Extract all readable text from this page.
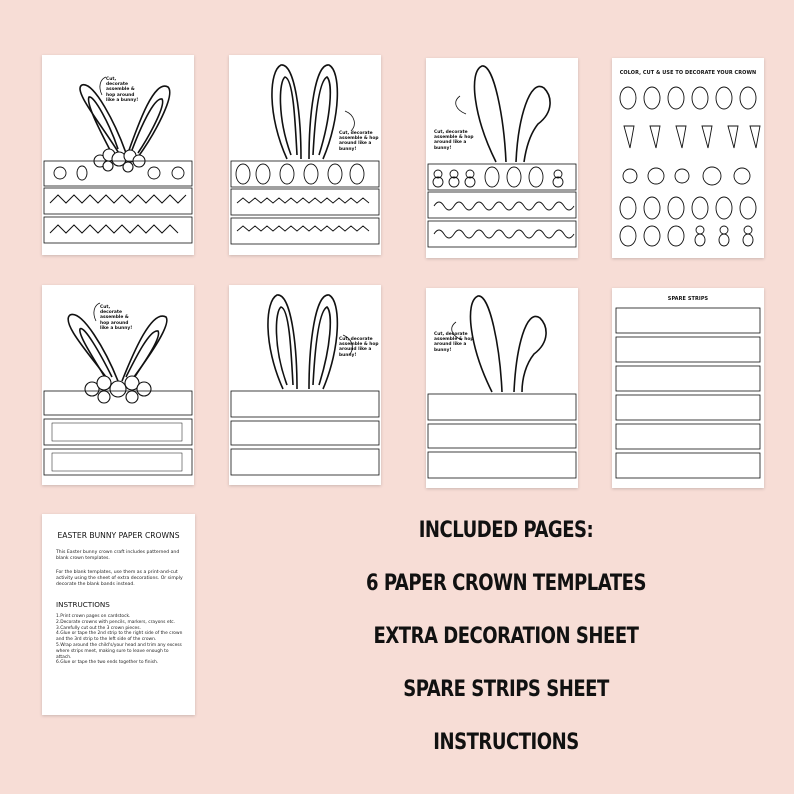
Cut,
decorate
assemble &
hop around
like a bunny!
Cut, decorate
assemble & hop
around like a
bunny!
Cut, decorate
assemble & hop
around like a
bunny!
COLOR, CUT & USE TO DECORATE YOUR CROWN
Cut,
decorate
assemble &
hop around
like a bunny!
Cut, decorate
assemble & hop
around like a
bunny!
Cut, decorate
assemble & hop
around like a
bunny!
SPARE STRIPS
EASTER BUNNY PAPER CROWNS
This Easter bunny crown craft includes patterned and blank crown templates.
For the blank templates, use them as a print-and-cut activity using the sheet of extra decorations. Or simply decorate the blank bands instead.
INSTRUCTIONS
1.Print crown pages on cardstock.
2.Decorate crowns with pencils, markers, crayons etc.
3.Carefully cut out the 3 crown pieces.
4.Glue or tape the 2nd strip to the right side of the crown and the 3rd strip to the left side of the crown.
5.Wrap around the child's/your head and trim any excess where strips meet, making sure to leave enough to attach.
6.Glue or tape the two ends together to finish.
INCLUDED PAGES:
6 PAPER CROWN TEMPLATES
EXTRA DECORATION SHEET
SPARE STRIPS SHEET
INSTRUCTIONS
